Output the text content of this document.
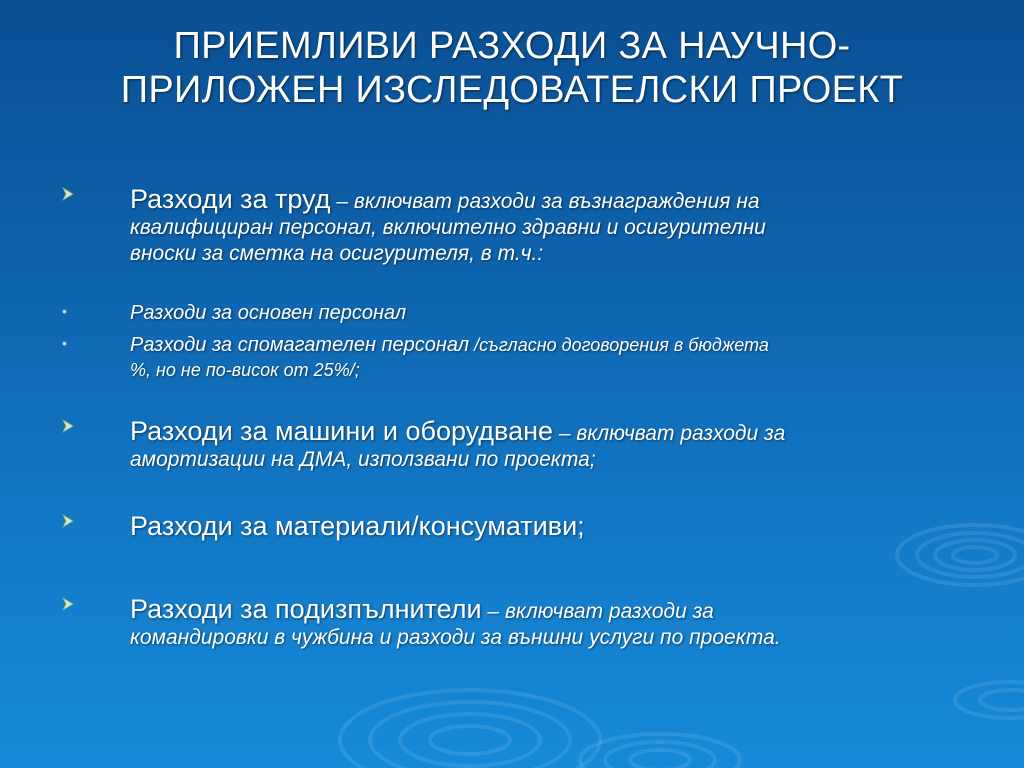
ПРИЕМЛИВИ РАЗХОДИ ЗА НАУЧНО-
ПРИЛОЖЕН ИЗСЛЕДОВАТЕЛСКИ ПРОЕКТ
Разходи за труд – включват разходи за възнаграждения на
квалифициран персонал, включително здравни и осигурителни
вноски за сметка на осигурителя, в т.ч.:
•	Разходи за основен персонал
•	Разходи за спомагателен персонал /съгласно договорения в бюджета
%, но не по-висок от 25%/;
Разходи за машини и оборудване – включват разходи за
амортизации на ДМА, използвани по проекта;
Разходи за материали/консумативи;
Разходи за подизпълнители – включват разходи за
командировки в чужбина и разходи за външни услуги по проекта.
